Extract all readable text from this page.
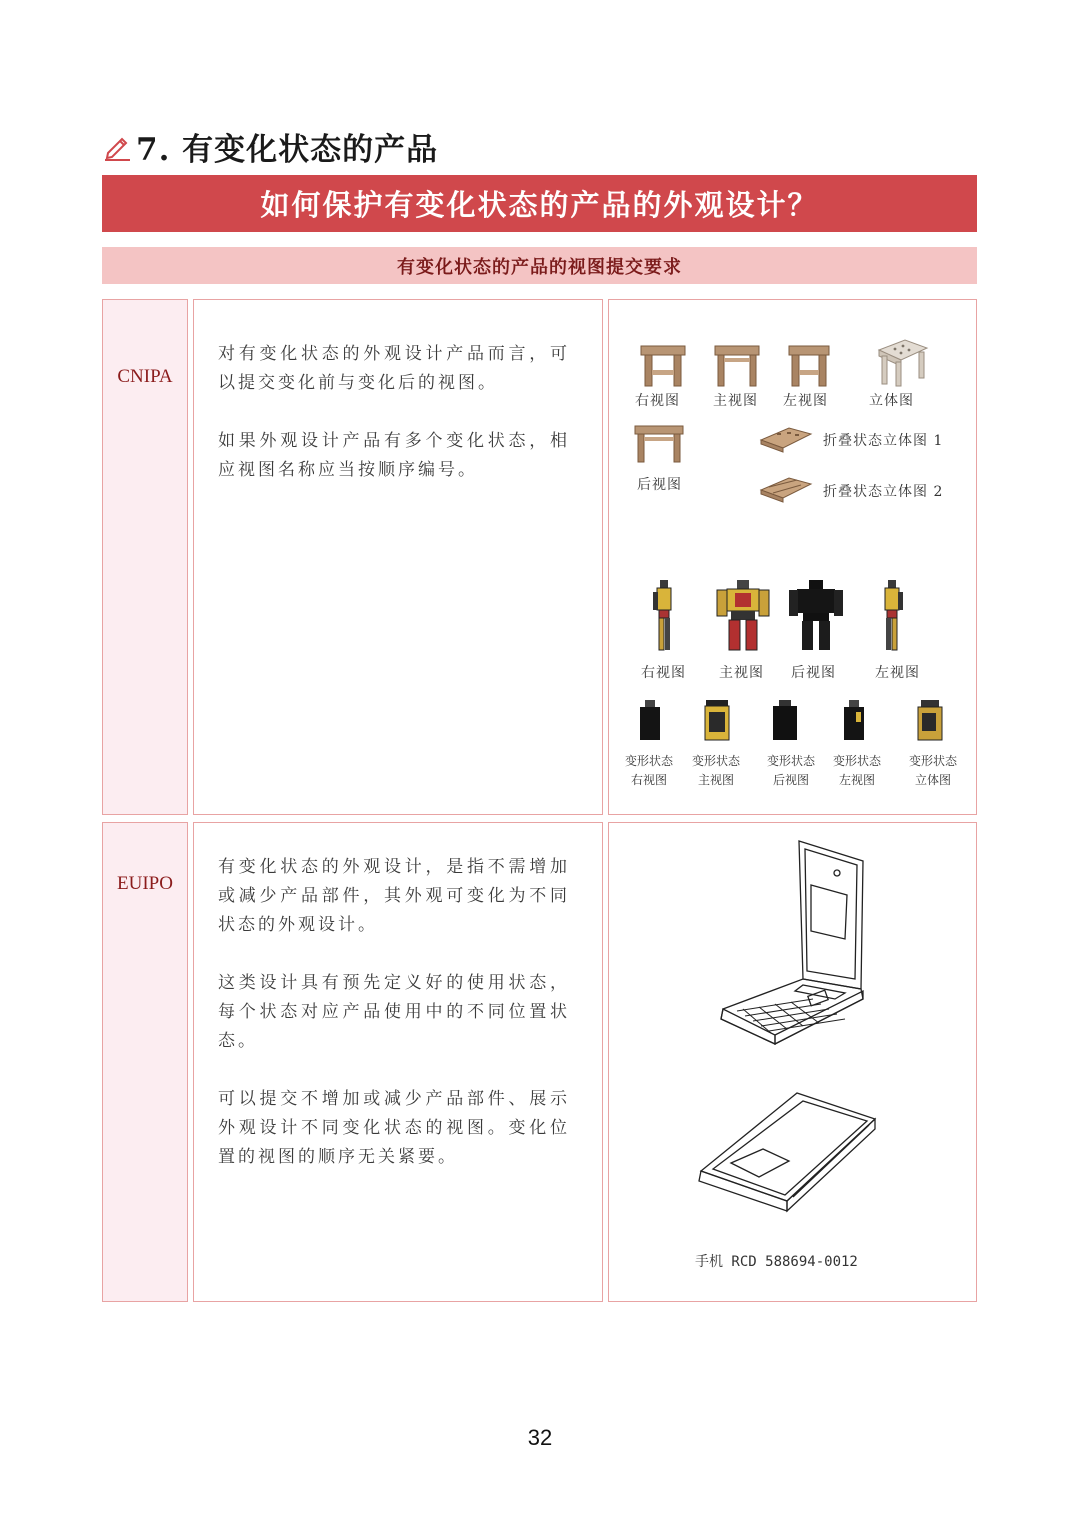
7. 有变化状态的产品
如何保护有变化状态的产品的外观设计？
有变化状态的产品的视图提交要求
CNIPA
对有变化状态的外观设计产品而言，可以提交变化前与变化后的视图。
如果外观设计产品有多个变化状态，相应视图名称应当按顺序编号。
右视图 主视图 左视图	立体图
后视图
折叠状态立体图 1
折叠状态立体图 2
右视图 主视图 后视图	左视图
变形状态
右视图
变形状态
主视图
变形状态
后视图
变形状态
左视图
变形状态
立体图
EUIPO
有变化状态的外观设计，是指不需增加或减少产品部件，其外观可变化为不同状态的外观设计。
这类设计具有预先定义好的使用状态，每个状态对应产品使用中的不同位置状态。
可以提交不增加或减少产品部件、展示外观设计不同变化状态的视图。变化位置的视图的顺序无关紧要。
手机 RCD 588694-0012
32
